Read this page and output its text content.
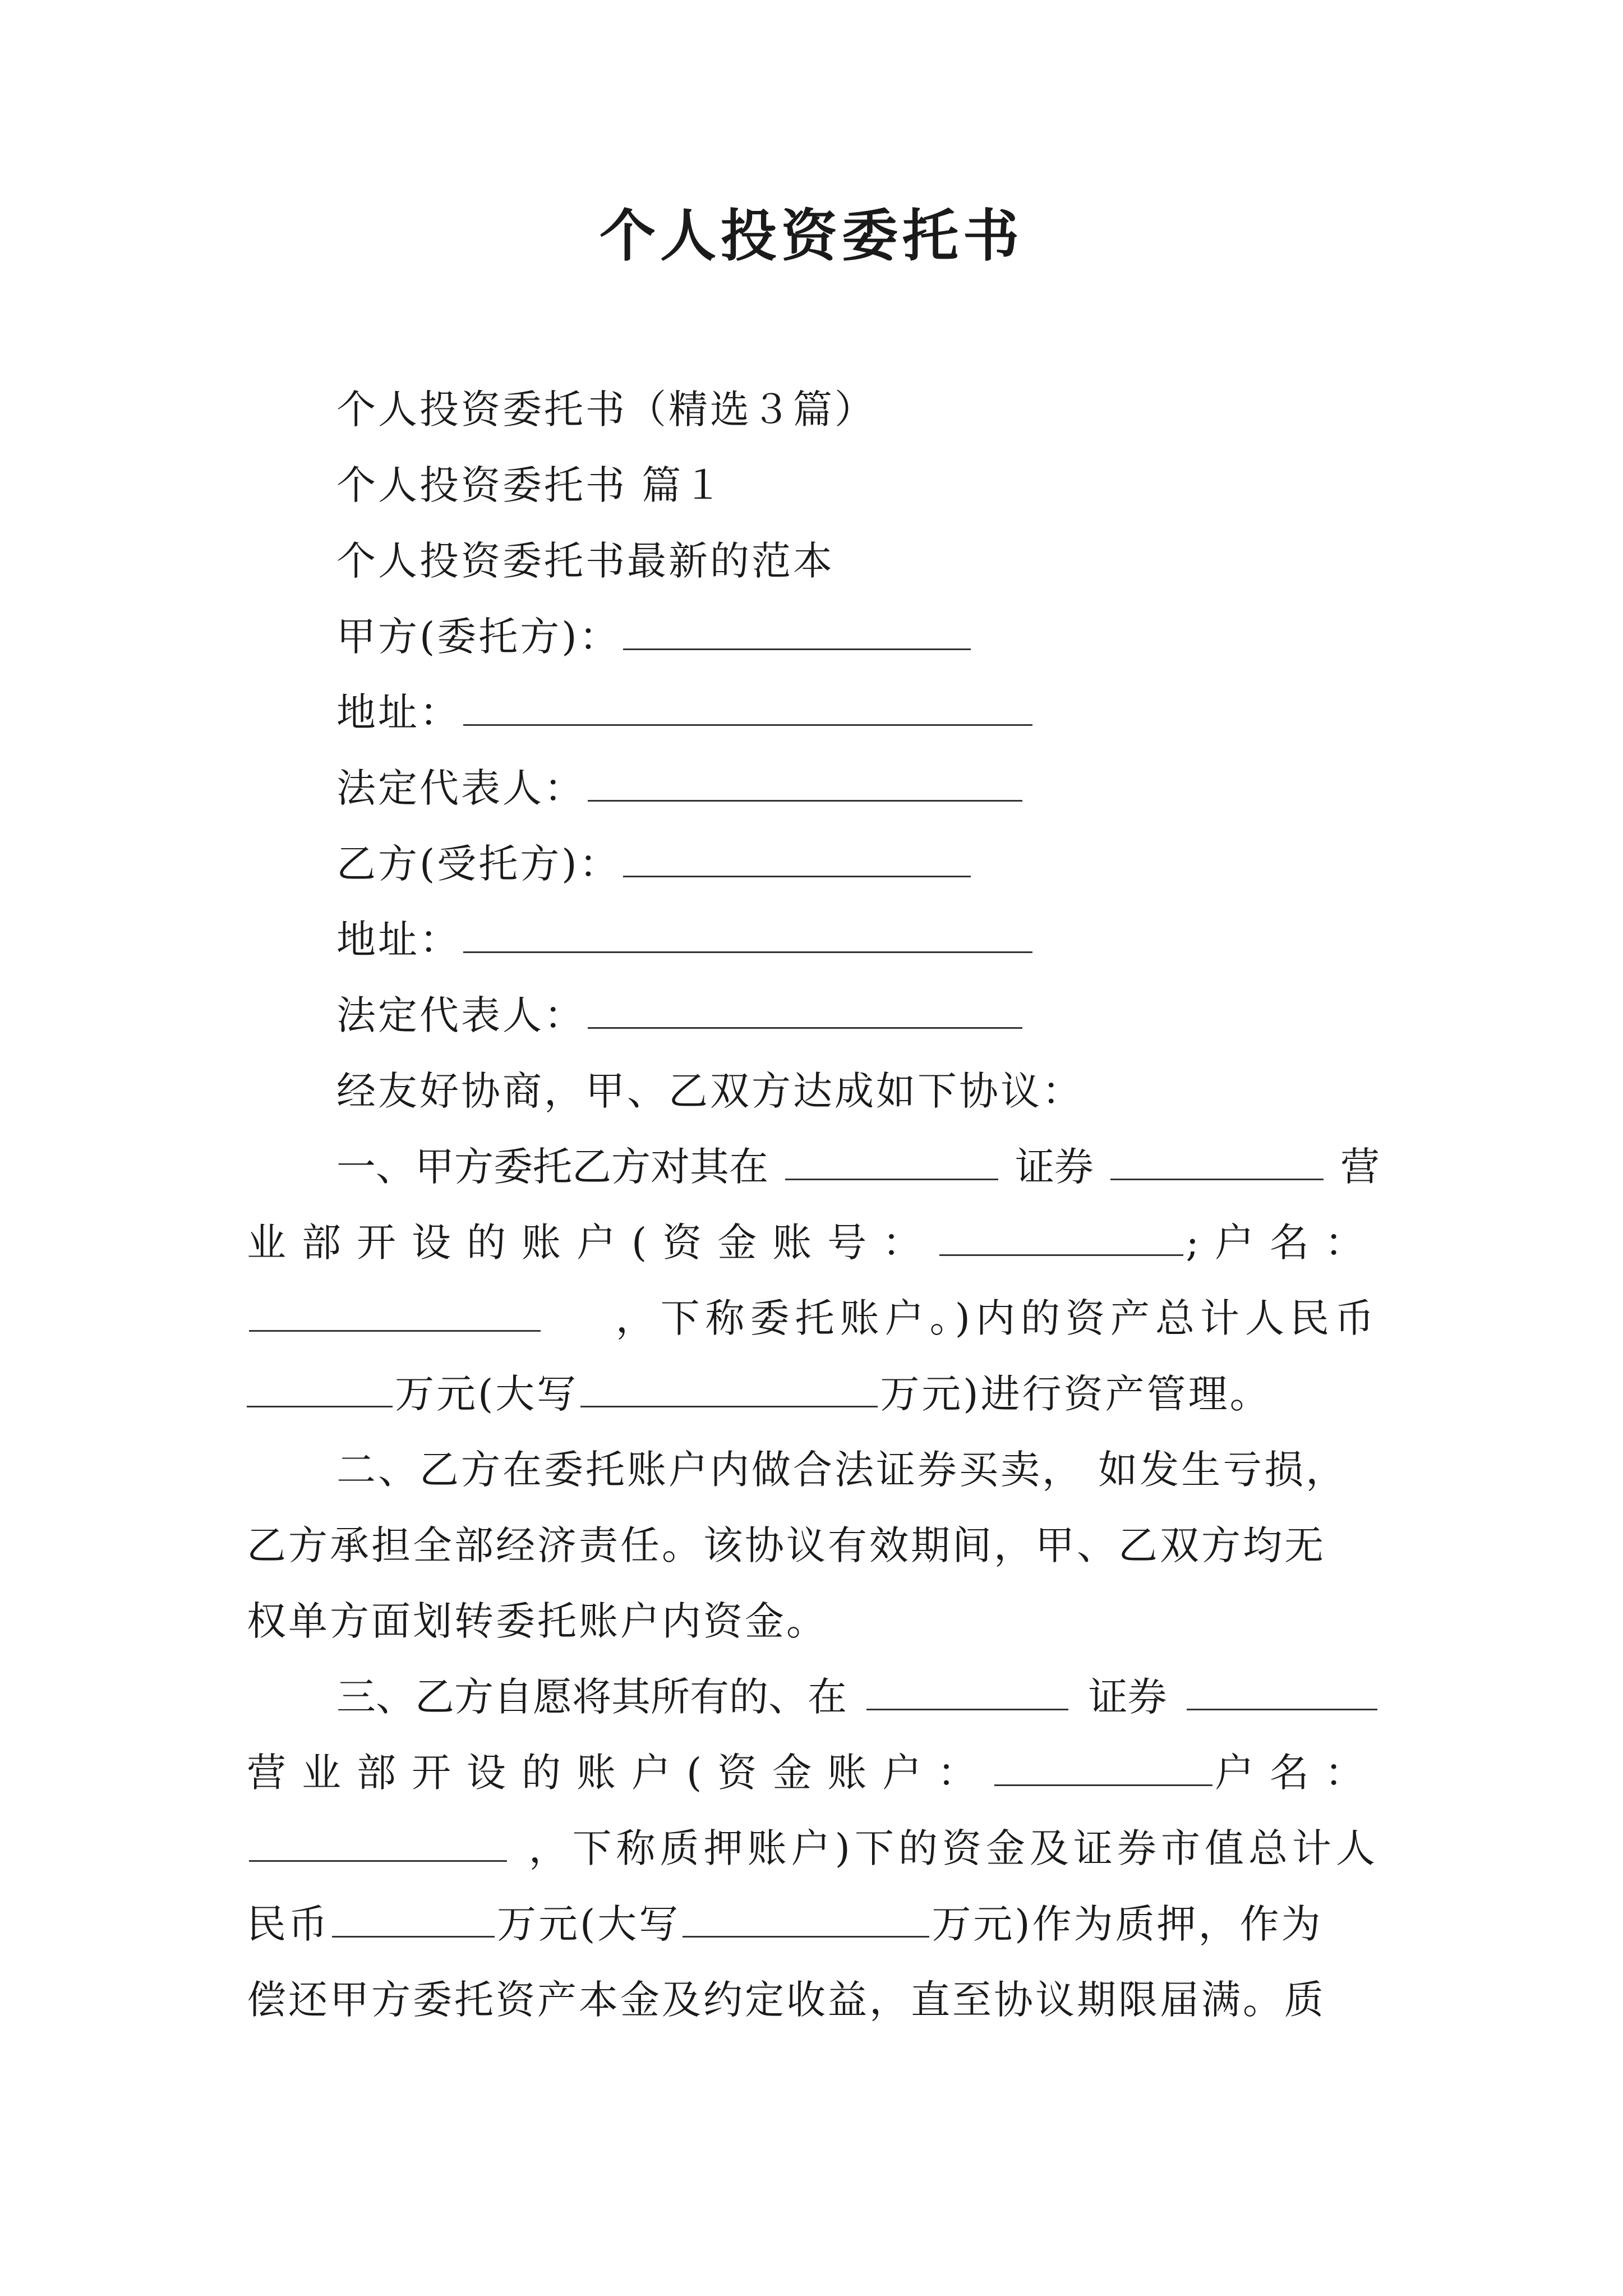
个人投资委托书
个人投资委托书（精选３篇）
个人投资委托书 篇１
个人投资委托书最新的范本
甲方(委托方)：
地址：
法定代表人：
乙方(受托方)：
地址：
法定代表人：
经友好协商，甲、乙双方达成如下协议：
一、甲方委托乙方对其在	证券	营
业部开设的账户(资金账号：	;户名：
，下称委托账户。)内的资产总计人民币
万元(大写	万元)进行资产管理。
二、乙方在委托账户内做合法证券买卖， 如发生亏损，
乙方承担全部经济责任。该协议有效期间，甲、乙双方均无
权单方面划转委托账户内资金。
三、乙方自愿将其所有的、在	证券
营业部开设的账户(资金账户：	户名：
，下称质押账户)下的资金及证券市值总计人
民币	万元(大写	万元)作为质押，作为
偿还甲方委托资产本金及约定收益，直至协议期限届满。质
